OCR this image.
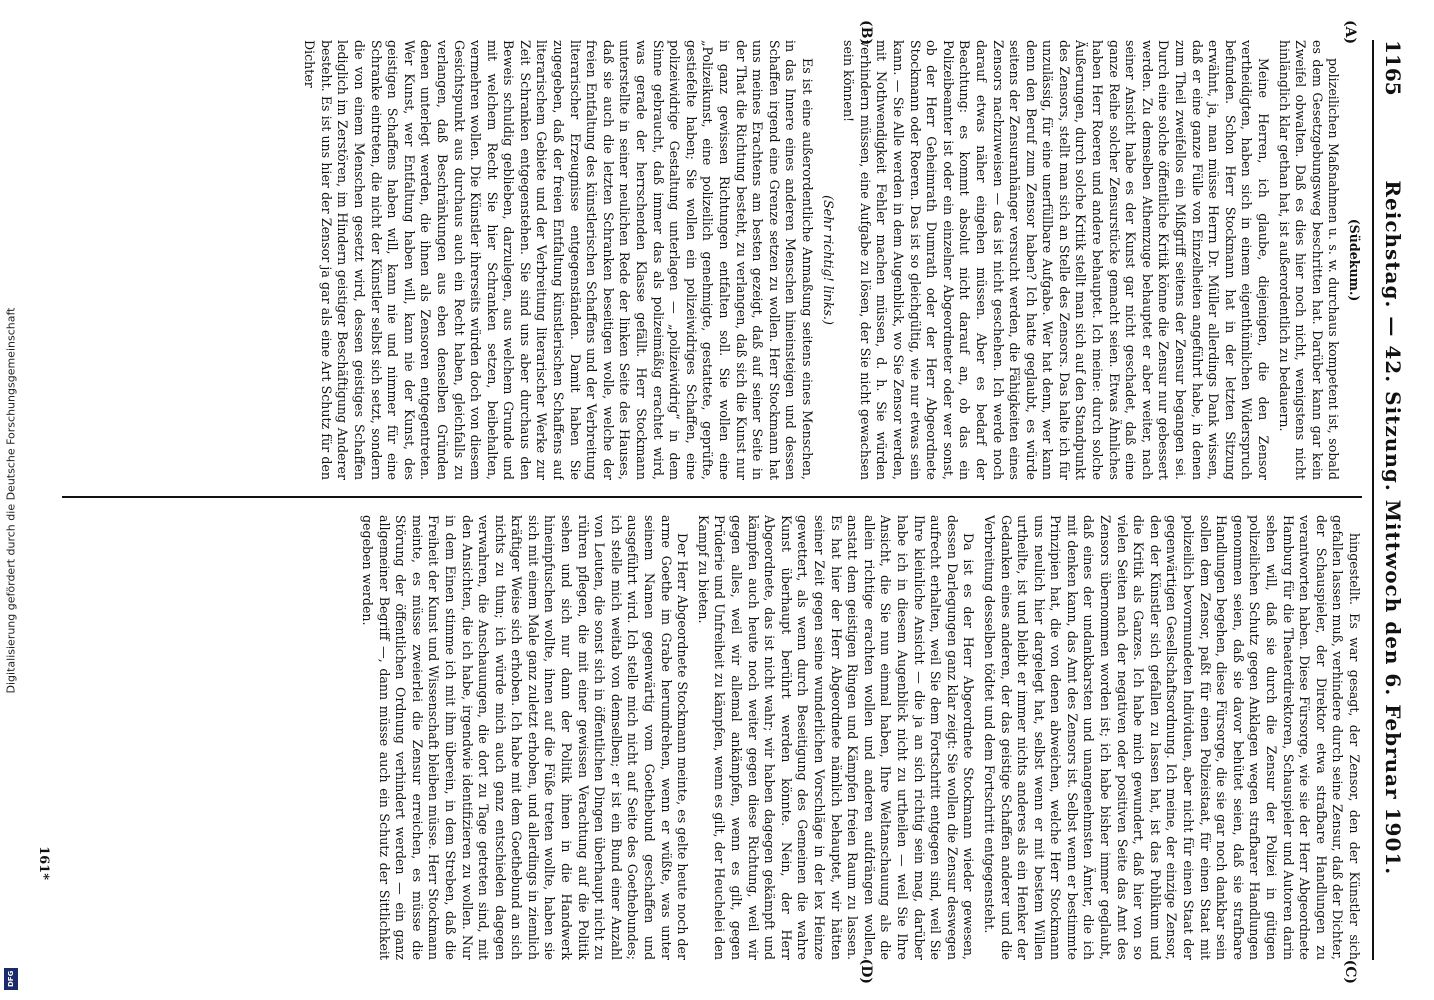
Digitalisierung gefördert durch die Deutsche Forschungsgemeinschaft
DFG
1165
Reichstag. — 42. Sitzung. Mittwoch den 6. Februar 1901.
(A)
(B)
(C)
(D)

(Südekum.)

polizeilichen Maßnahmen u. s. w. durchaus kompetent ist, sobald es dem Gesetzgebungsweg beschritten hat. Darüber kann gar kein Zweifel obwalten. Daß es dies hier noch nicht, wenigstens nicht hinlänglich klar gethan hat, ist außerordentlich zu bedauern.

Meine Herren, ich glaube, diejenigen, die den Zensor vertheidigten, haben sich in einem eigenthümlichen Widerspruch befunden. Schon Herr Stockmann hat in der letzten Sitzung erwähnt, ja, man müsse Herrn Dr. Müller allerdings Dank wissen, daß er eine ganze Fülle von Einzelheiten angeführt habe, in denen zum Theil zweifellos ein Mißgriff seitens der Zensur begangen sei. Durch eine solche öffentliche Kritik könne die Zensur nur gebessert werden. Zu demselben Athemzuge behauptet er aber weiter, nach seiner Ansicht habe es der Kunst gar nicht geschadet, daß eine ganze Reihe solcher Zensurstücke gemacht seien. Etwas Ähnliches haben Herr Roeren und andere behauptet. Ich meine: durch solche Äußerungen, durch solche Kritik stellt man sich auf den Standpunkt des Zensors, stellt man sich an Stelle des Zensors. Das halte ich für unzulässig, für eine unerfüllbare Aufgabe. Wer hat denn, wer kann denn den Beruf zum Zensor haben? Ich hatte geglaubt, es würde seitens der Zensuranhänger versucht werden, die Fähigkeiten eines Zensors nachzuweisen — das ist nicht geschehen. Ich werde noch darauf etwas näher eingehen müssen. Aber es bedarf der Beachtung: es kommt absolut nicht darauf an, ob das ein Polizeibeamter ist oder ein einzelner Abgeordneter oder wer sonst, ob der Herr Geheimrath Dumrath oder der Herr Abgeordnete Stockmann oder Roeren. Das ist so gleichgültig, wie nur etwas sein kann. — Sie Alle werden in dem Augenblick, wo Sie Zensor werden, mit Nothwendigkeit Fehler machen müssen, d. h. Sie würden verhindern müssen, eine Aufgabe zu lösen, der Sie nicht gewachsen sein können!

(Sehr richtig! links.)

Es ist eine außerordentliche Anmaßung seitens eines Menschen, in das Innere eines anderen Menschen hineinsteigen und dessen Schaffen irgend eine Grenze setzen zu wollen. Herr Stockmann hat uns meines Erachtens am besten gezeigt, daß auf seiner Seite in der That die Richtung besteht, zu verlangen, daß sich die Kunst nur in ganz gewissen Richtungen entfalten soll. Sie wollen eine „Polizeikunst, eine polizeilich genehmigte, gestattete, geprüfte, gestiefelte haben; Sie wollen ein polizeiwidriges Schaffen, eine polizeiwidrige Gestaltung unterlagen — „polizeiwidrig“ in dem Sinne gebraucht, daß immer das als polizeimäßig erachtet wird, was gerade der herrschenden Klasse gefällt. Herr Stockmann unterstellte in seiner neulichen Rede der linken Seite des Hauses, daß sie auch die letzten Schranken beseitigen wolle, welche der freien Entfaltung des künstlerischen Schaffens und der Verbreitung literarischer Erzeugnisse entgegenständen. Damit haben Sie zugegeben, daß der freien Entfaltung künstlerischen Schaffens auf literarischem Gebiete und der Verbreitung literarischer Werke zur Zeit Schranken entgegenstehen. Sie sind uns aber durchaus den Beweis schuldig geblieben, darzulegen, aus welchem Grunde und mit welchem Recht Sie hier Schranken setzen, beibehalten, vermehren wollen. Die Künstler ihrerseits würden doch von diesem Gesichtspunkt aus durchaus auch ein Recht haben, gleichfalls zu verlangen, daß Beschränkungen aus eben denselben Gründen denen unterlegt werden, die ihnen als Zensoren entgegentreten. Wer Kunst, wer Entfaltung haben will, kann nie der Kunst, des geistigen Schaffens haben will, kann nie und nimmer für eine Schranke eintreten, die nicht der Künstler selbst sich setzt, sondern die von einem Menschen gesetzt wird, dessen geistiges Schaffen lediglich im Zerstören, im Hindern geistiger Beschäftigung Anderer besteht. Es ist uns hier der Zensor ja gar als eine Art Schutz für den Dichter

hingestellt. Es war gesagt, der Zensor, den der Künstler sich gefallen lassen muß, verhindere durch seine Zensur, daß der Dichter, der Schauspieler, der Direktor etwa strafbare Handlungen zu verantworten haben. Diese Fürsorge, wie sie der Herr Abgeordnete Hamburg für die Theaterdirektoren, Schauspieler und Autoren darin sehen will, daß sie durch die Zensur der Polizei in gütigen polizeilichen Schutz gegen Anklagen wegen strafbarer Handlungen genommen seien, daß sie davor behütet seien, daß sie strafbare Handlungen begehen, diese Fürsorge, die sie gar noch dankbar sein sollen dem Zensor, paßt für einen Polizeistaat, für einen Staat mit polizeilich bevormundeten Individuen, aber nicht für einen Staat der gegenwärtigen Gesellschaftsordnung. Ich meine, der einzige Zensor, den der Künstler sich gefallen zu lassen hat, ist das Publikum und die Kritik als Ganzes. Ich habe mich gewundert, daß hier von so vielen Seiten nach der negativen oder positiven Seite das Amt des Zensors übernommen worden ist; ich habe bisher immer geglaubt, daß eines der undankbarsten und unangenehmsten Ämter, die ich mit denken kann, das Amt des Zensors ist. Selbst wenn er bestimmte Prinzipien hat, die von denen abweichen, welche Herr Stockmann uns neulich hier dargelegt hat, selbst wenn er mit bestem Willen urtheilte, ist und bleibt er immer nichts anderes als ein Henker der Gedanken eines anderen, der das geistige Schaffen anderer und die Verbreitung desselben tödtet und dem Fortschritt entgegensteht.

Da ist es der Herr Abgeordnete Stockmann wieder gewesen, dessen Darlegungen ganz klar zeigt: Sie wollen die Zensur deswegen aufrecht erhalten, weil Sie dem Fortschritt entgegen sind, weil Sie Ihre kleinliche Ansicht — die ja an sich richtig sein mag, darüber habe ich in diesem Augenblick nicht zu urtheilen — weil Sie Ihre Ansicht, die Sie nun einmal haben, Ihre Weltanschauung als die allein richtige erachten wollen und anderen aufdrängen wollen, anstatt dem geistigen Ringen und Kämpfen freien Raum zu lassen. Es hat hier der Herr Abgeordnete nämlich behauptet, wir hätten seiner Zeit gegen seine wunderlichen Vorschläge in der lex Heinze gewettert, als wenn durch Beseitigung des Gemeinen die wahre Kunst überhaupt berührt werden könnte. Nein, der Herr Abgeordnete, das ist nicht wahr; wir haben dagegen gekämpft und kämpfen auch heute noch weiter gegen diese Richtung, weil wir gegen alles, weil wir allemal ankämpfen, wenn es gilt, gegen Prüderie und Unfreiheit zu kämpfen, wenn es gilt, der Heuchelei den Kampf zu bieten.

Der Herr Abgeordnete Stockmann meinte, es gelte heute noch der arme Goethe im Grabe herumdrehen, wenn er wüßte, was unter seinem Namen gegenwärtig vom Goethebund geschaffen und ausgeführt wird. Ich stelle mich nicht auf Seite des Goethebundes; ich stelle mich weitab von demselben; er ist ein Bund einer Anzahl von Leuten, die sonst sich in öffentlichen Dingen überhaupt nicht zu rühren pflegen, die mit einer gewissen Verachtung auf die Politik sehen und sich nur dann der Politik ihnen in die Handwerk hineinpfuschen wollte, ihnen auf die Füße treten wollte, haben sie sich mit einem Male ganz zuletzt erhoben, und allerdings in ziemlich kräftiger Weise sich erhoben. Ich habe mit dem Goethebund an sich nichts zu thun; ich würde mich auch ganz entschieden dagegen verwahren, die Anschauungen, die dort zu Tage getreten sind, mit den Ansichten, die ich habe, irgendwie identifizieren zu wollen. Nur in dem Einen stimme ich mit ihm überein, in dem Streben, daß die Freiheit der Kunst und Wissenschaft bleiben müsse. Herr Stockmann meinte, es müsse zweierlei die Zensur erreichen, es müsse die Störung der öffentlichen Ordnung verhindert werden — ein ganz allgemeiner Begriff —, dann müsse auch ein Schutz der Sittlichkeit gegeben werden.

161*
